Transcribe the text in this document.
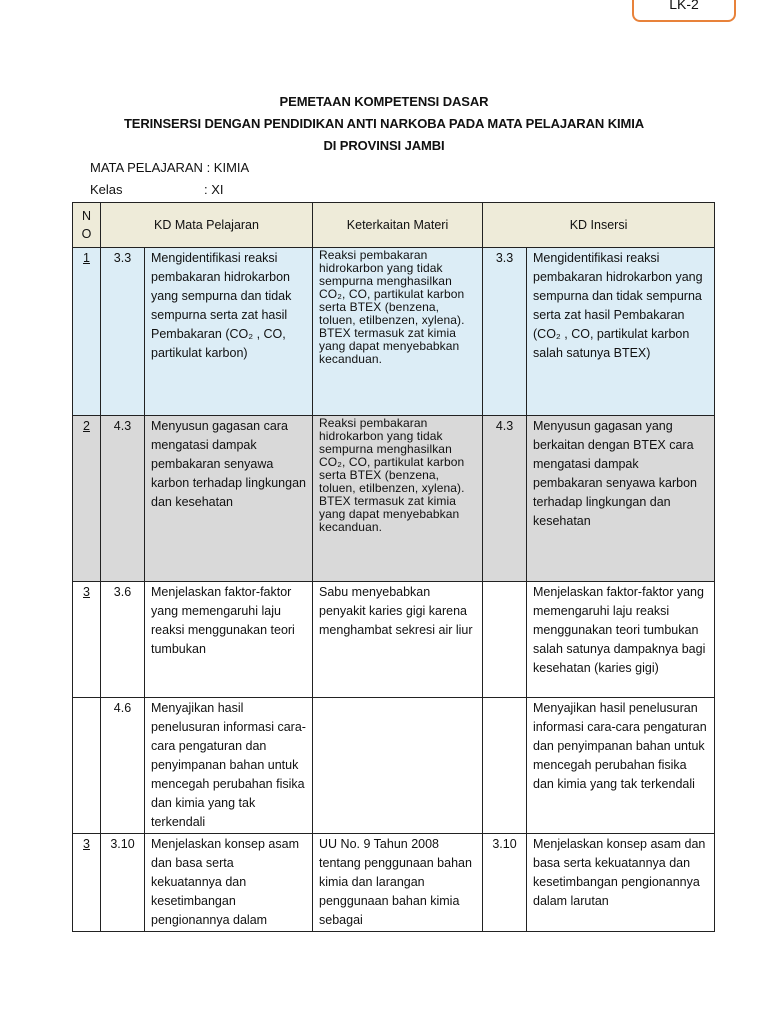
LK-2
PEMETAAN KOMPETENSI DASAR
TERINSERSI DENGAN PENDIDIKAN ANTI NARKOBA PADA MATA PELAJARAN KIMIA
DI PROVINSI JAMBI
MATA PELAJARAN : KIMIA
Kelas	: XI
N O	KD Mata Pelajaran		Keterkaitan Materi	KD Insersi	
1	3.3	Mengidentifikasi reaksi pembakaran hidrokarbon yang sempurna dan tidak sempurna serta zat hasil Pembakaran (CO₂ , CO, partikulat karbon)	Reaksi pembakaran hidrokarbon yang tidak sempurna menghasilkan CO₂, CO, partikulat karbon serta BTEX (benzena, toluen, etilbenzen, xylena). BTEX termasuk zat kimia yang dapat menyebabkan kecanduan.	3.3	Mengidentifikasi reaksi pembakaran hidrokarbon yang sempurna dan tidak sempurna serta zat hasil Pembakaran (CO₂ , CO, partikulat karbon salah satunya BTEX)
2	4.3	Menyusun gagasan cara mengatasi dampak pembakaran senyawa karbon terhadap lingkungan dan kesehatan	Reaksi pembakaran hidrokarbon yang tidak sempurna menghasilkan CO₂, CO, partikulat karbon serta BTEX (benzena, toluen, etilbenzen, xylena). BTEX termasuk zat kimia yang dapat menyebabkan kecanduan.	4.3	Menyusun gagasan yang berkaitan dengan BTEX cara mengatasi dampak pembakaran senyawa karbon terhadap lingkungan dan kesehatan
3	3.6	Menjelaskan faktor-faktor yang memengaruhi laju reaksi menggunakan teori tumbukan	Sabu menyebabkan penyakit karies gigi karena menghambat sekresi air liur		Menjelaskan faktor-faktor yang memengaruhi laju reaksi menggunakan teori tumbukan salah satunya dampaknya bagi kesehatan (karies gigi)
	4.6	Menyajikan hasil penelusuran informasi cara-cara pengaturan dan penyimpanan bahan untuk mencegah perubahan fisika dan kimia yang tak terkendali			Menyajikan hasil penelusuran informasi cara-cara pengaturan dan penyimpanan bahan untuk mencegah perubahan fisika dan kimia yang tak terkendali
3	3.10	Menjelaskan konsep asam dan basa serta kekuatannya dan kesetimbangan pengionannya dalam	UU No. 9 Tahun 2008 tentang penggunaan bahan kimia dan larangan penggunaan bahan kimia sebagai	3.10	Menjelaskan konsep asam dan basa serta kekuatannya dan kesetimbangan pengionannya dalam larutan
